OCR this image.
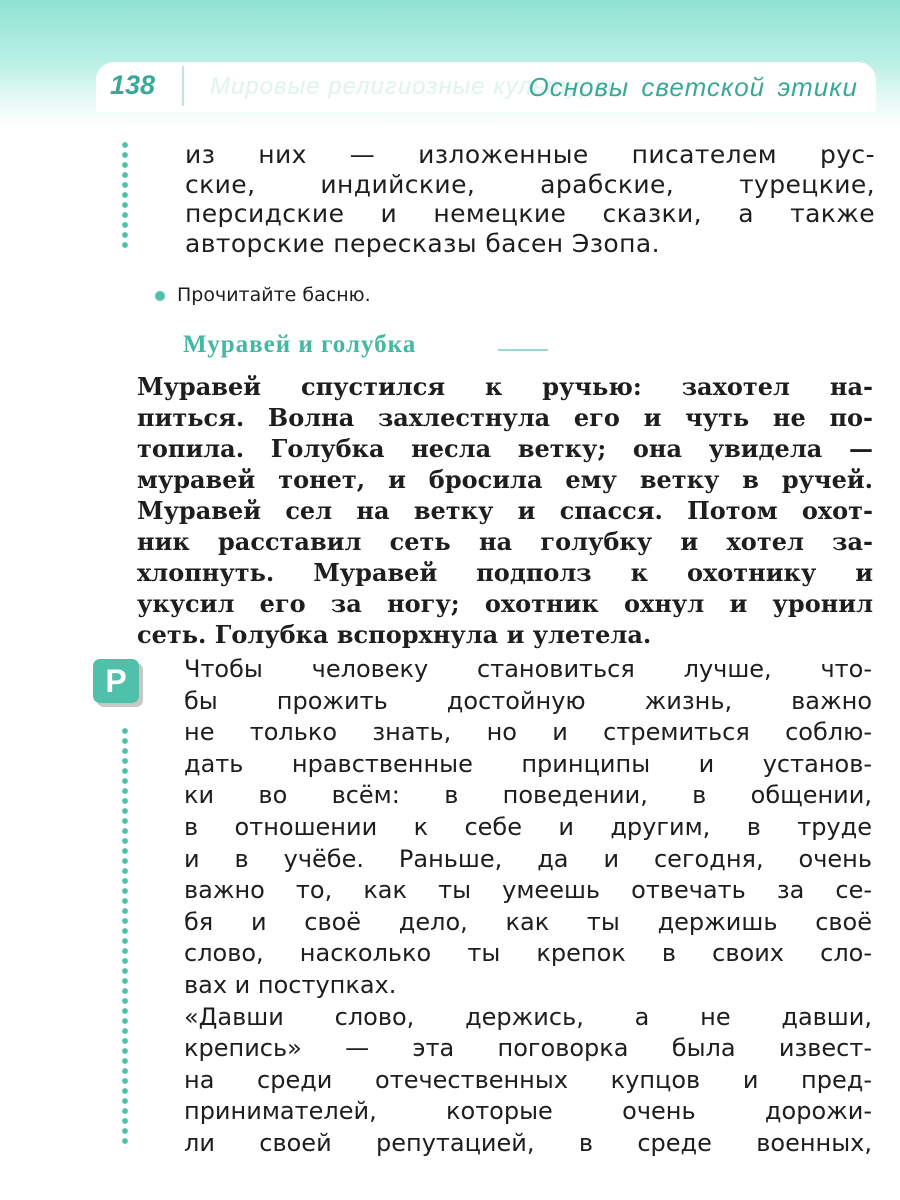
138 Мировые религиозные культуры
Основы светской этики
из них — изложенные писателем рус-
ские, индийские, арабские, турецкие,
персидские и немецкие сказки, а также
авторские пересказы басен Эзопа.
Прочитайте басню.
Муравей и голубка
Муравей спустился к ручью: захотел на-
питься. Волна захлестнула его и чуть не по-
топила. Голубка несла ветку; она увидела —
муравей тонет, и бросила ему ветку в ручей.
Муравей сел на ветку и спасся. Потом охот-
ник расставил сеть на голубку и хотел за-
хлопнуть. Муравей подполз к охотнику и
укусил его за ногу; охотник охнул и уронил
сеть. Голубка вспорхнула и улетела.
Р	Чтобы человеку становиться лучше, что-
бы прожить достойную жизнь, важно
не только знать, но и стремиться соблю-
дать нравственные принципы и установ-
ки во всём: в поведении, в общении,
в отношении к себе и другим, в труде
и в учёбе. Раньше, да и сегодня, очень
важно то, как ты умеешь отвечать за се-
бя и своё дело, как ты держишь своё
слово, насколько ты крепок в своих сло-
вах и поступках.
«Давши слово, держись, а не давши,
крепись» — эта поговорка была извест-
на среди отечественных купцов и пред-
принимателей, которые очень дорожи-
ли своей репутацией, в среде военных,
